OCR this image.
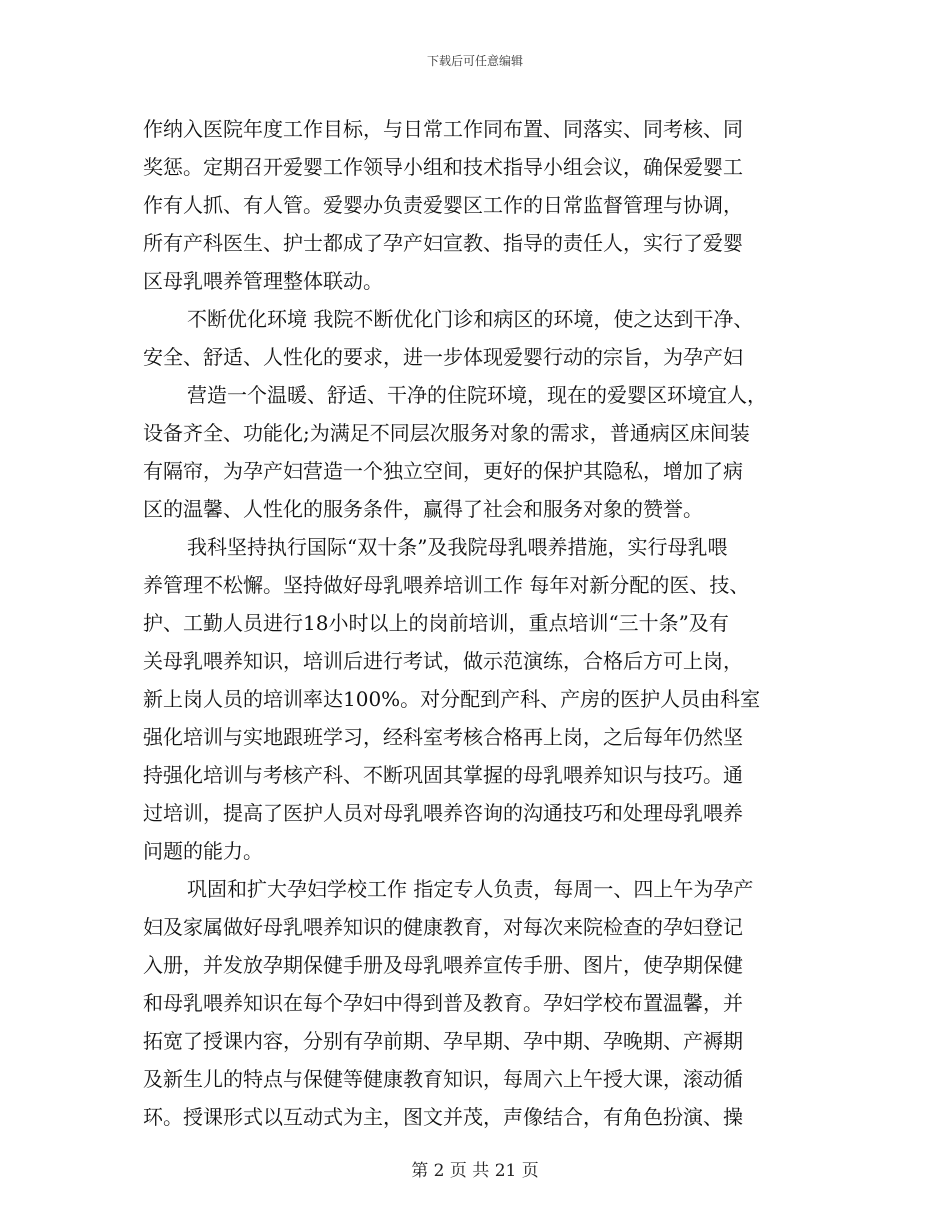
下载后可任意编辑
作纳入医院年度工作目标，与日常工作同布置、同落实、同考核、同
奖惩。定期召开爱婴工作领导小组和技术指导小组会议，确保爱婴工
作有人抓、有人管。爱婴办负责爱婴区工作的日常监督管理与协调，
所有产科医生、护士都成了孕产妇宣教、指导的责任人，实行了爱婴
区母乳喂养管理整体联动。
不断优化环境 我院不断优化门诊和病区的环境，使之达到干净、
安全、舒适、人性化的要求，进一步体现爱婴行动的宗旨，为孕产妇
营造一个温暖、舒适、干净的住院环境，现在的爱婴区环境宜人，
设备齐全、功能化;为满足不同层次服务对象的需求，普通病区床间装
有隔帘，为孕产妇营造一个独立空间，更好的保护其隐私，增加了病
区的温馨、人性化的服务条件，赢得了社会和服务对象的赞誉。
我科坚持执行国际“双十条”及我院母乳喂养措施，实行母乳喂
养管理不松懈。坚持做好母乳喂养培训工作 每年对新分配的医、技、
护、工勤人员进行18小时以上的岗前培训，重点培训“三十条”及有
关母乳喂养知识，培训后进行考试，做示范演练，合格后方可上岗，
新上岗人员的培训率达100%。对分配到产科、产房的医护人员由科室
强化培训与实地跟班学习，经科室考核合格再上岗，之后每年仍然坚
持强化培训与考核产科、不断巩固其掌握的母乳喂养知识与技巧。通
过培训，提高了医护人员对母乳喂养咨询的沟通技巧和处理母乳喂养
问题的能力。
巩固和扩大孕妇学校工作 指定专人负责，每周一、四上午为孕产
妇及家属做好母乳喂养知识的健康教育，对每次来院检查的孕妇登记
入册，并发放孕期保健手册及母乳喂养宣传手册、图片，使孕期保健
和母乳喂养知识在每个孕妇中得到普及教育。孕妇学校布置温馨，并
拓宽了授课内容，分别有孕前期、孕早期、孕中期、孕晚期、产褥期
及新生儿的特点与保健等健康教育知识，每周六上午授大课，滚动循
环。授课形式以互动式为主，图文并茂，声像结合，有角色扮演、操
第 2 页 共 21 页
